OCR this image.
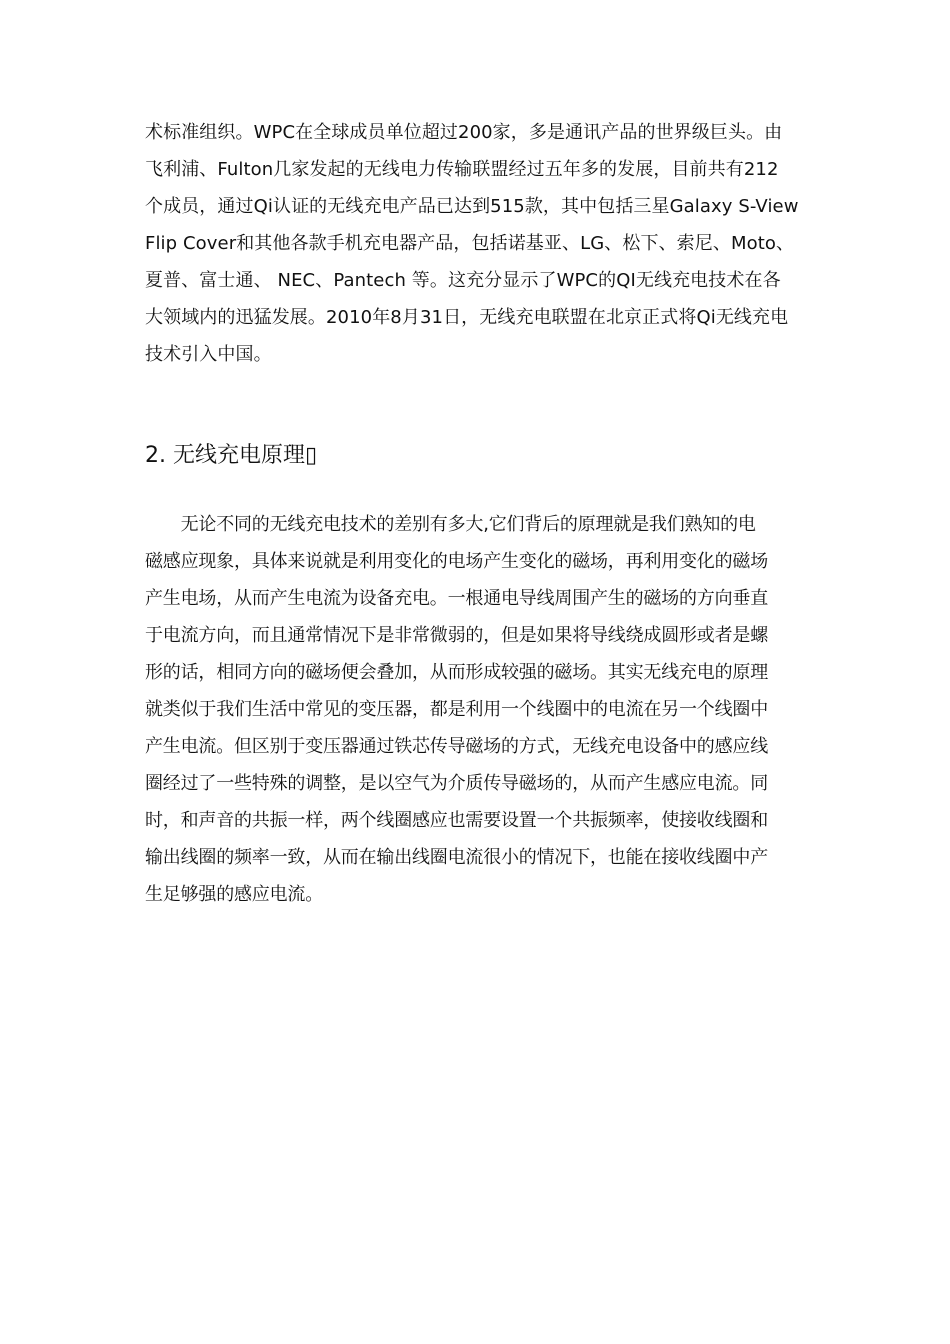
术标准组织。WPC在全球成员单位超过200家，多是通讯产品的世界级巨头。由
飞利浦、Fulton几家发起的无线电力传输联盟经过五年多的发展，目前共有212
个成员，通过Qi认证的无线充电产品已达到515款，其中包括三星Galaxy S-View
Flip Cover和其他各款手机充电器产品，包括诺基亚、LG、松下、索尼、Moto、
夏普、富士通、 NEC、Pantech 等。这充分显示了WPC的QI无线充电技术在各
大领域内的迅猛发展。2010年8月31日，无线充电联盟在北京正式将Qi无线充电
技术引入中国。
2. 无线充电原理▯
　　无论不同的无线充电技术的差别有多大,它们背后的原理就是我们熟知的电
磁感应现象，具体来说就是利用变化的电场产生变化的磁场，再利用变化的磁场
产生电场，从而产生电流为设备充电。一根通电导线周围产生的磁场的方向垂直
于电流方向，而且通常情况下是非常微弱的，但是如果将导线绕成圆形或者是螺
形的话，相同方向的磁场便会叠加，从而形成较强的磁场。其实无线充电的原理
就类似于我们生活中常见的变压器，都是利用一个线圈中的电流在另一个线圈中
产生电流。但区别于变压器通过铁芯传导磁场的方式，无线充电设备中的感应线
圈经过了一些特殊的调整，是以空气为介质传导磁场的，从而产生感应电流。同
时，和声音的共振一样，两个线圈感应也需要设置一个共振频率，使接收线圈和
输出线圈的频率一致，从而在输出线圈电流很小的情况下，也能在接收线圈中产
生足够强的感应电流。
